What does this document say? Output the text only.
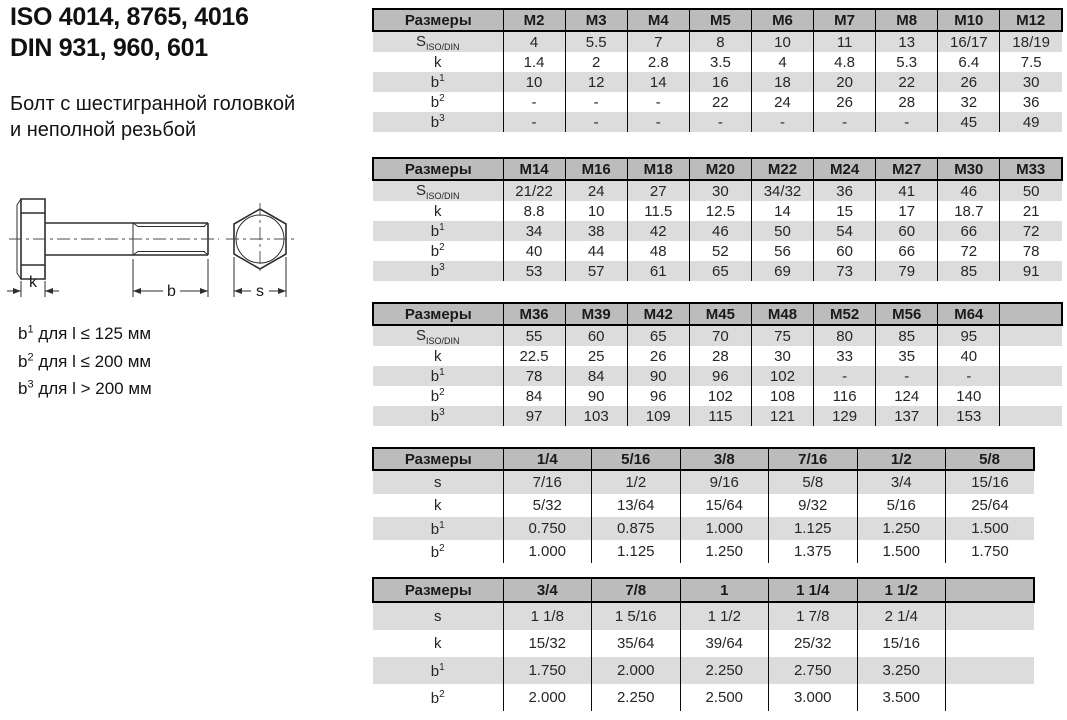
ISO 4014, 8765, 4016
DIN 931, 960, 601
Болт с шестигранной головкой
и неполной резьбой
k
b	s
$b^1$ для l ≤ 125 мм
$b^2$ для l ≤ 200 мм
$b^3$ для l > 200 мм
Размеры	M2	M3	M4	M5	M6	M7	M8	M10	M12
$S_{ISO/DIN}$	4	5.5	7	8	10	11	13	16/17	18/19
k	1.4	2	2.8	3.5	4	4.8	5.3	6.4	7.5
$b^1$	10	12	14	16	18	20	22	26	30
$b^2$	-	-	-	22	24	26	28	32	36
$b^3$	-	-	-	-	-	-	-	45	49
Размеры	M14	M16	M18	M20	M22	M24	M27	M30	M33
$S_{ISO/DIN}$	21/22	24	27	30	34/32	36	41	46	50
k	8.8	10	11.5	12.5	14	15	17	18.7	21
$b^1$	34	38	42	46	50	54	60	66	72
$b^2$	40	44	48	52	56	60	66	72	78
$b^3$	53	57	61	65	69	73	79	85	91
Размеры	M36	M39	M42	M45	M48	M52	M56	M64	
$S_{ISO/DIN}$	55	60	65	70	75	80	85	95	
k	22.5	25	26	28	30	33	35	40	
$b^1$	78	84	90	96	102	-	-	-	
$b^2$	84	90	96	102	108	116	124	140	
$b^3$	97	103	109	115	121	129	137	153	
Размеры	1/4	5/16	3/8	7/16	1/2	5/8
s	7/16	1/2	9/16	5/8	3/4	15/16
k	5/32	13/64	15/64	9/32	5/16	25/64
$b^1$	0.750	0.875	1.000	1.125	1.250	1.500
$b^2$	1.000	1.125	1.250	1.375	1.500	1.750
Размеры	3/4	7/8	1	1 1/4	1 1/2	
s	1 1/8	1 5/16	1 1/2	1 7/8	2 1/4	
k	15/32	35/64	39/64	25/32	15/16	
$b^1$	1.750	2.000	2.250	2.750	3.250	
$b^2$	2.000	2.250	2.500	3.000	3.500	
